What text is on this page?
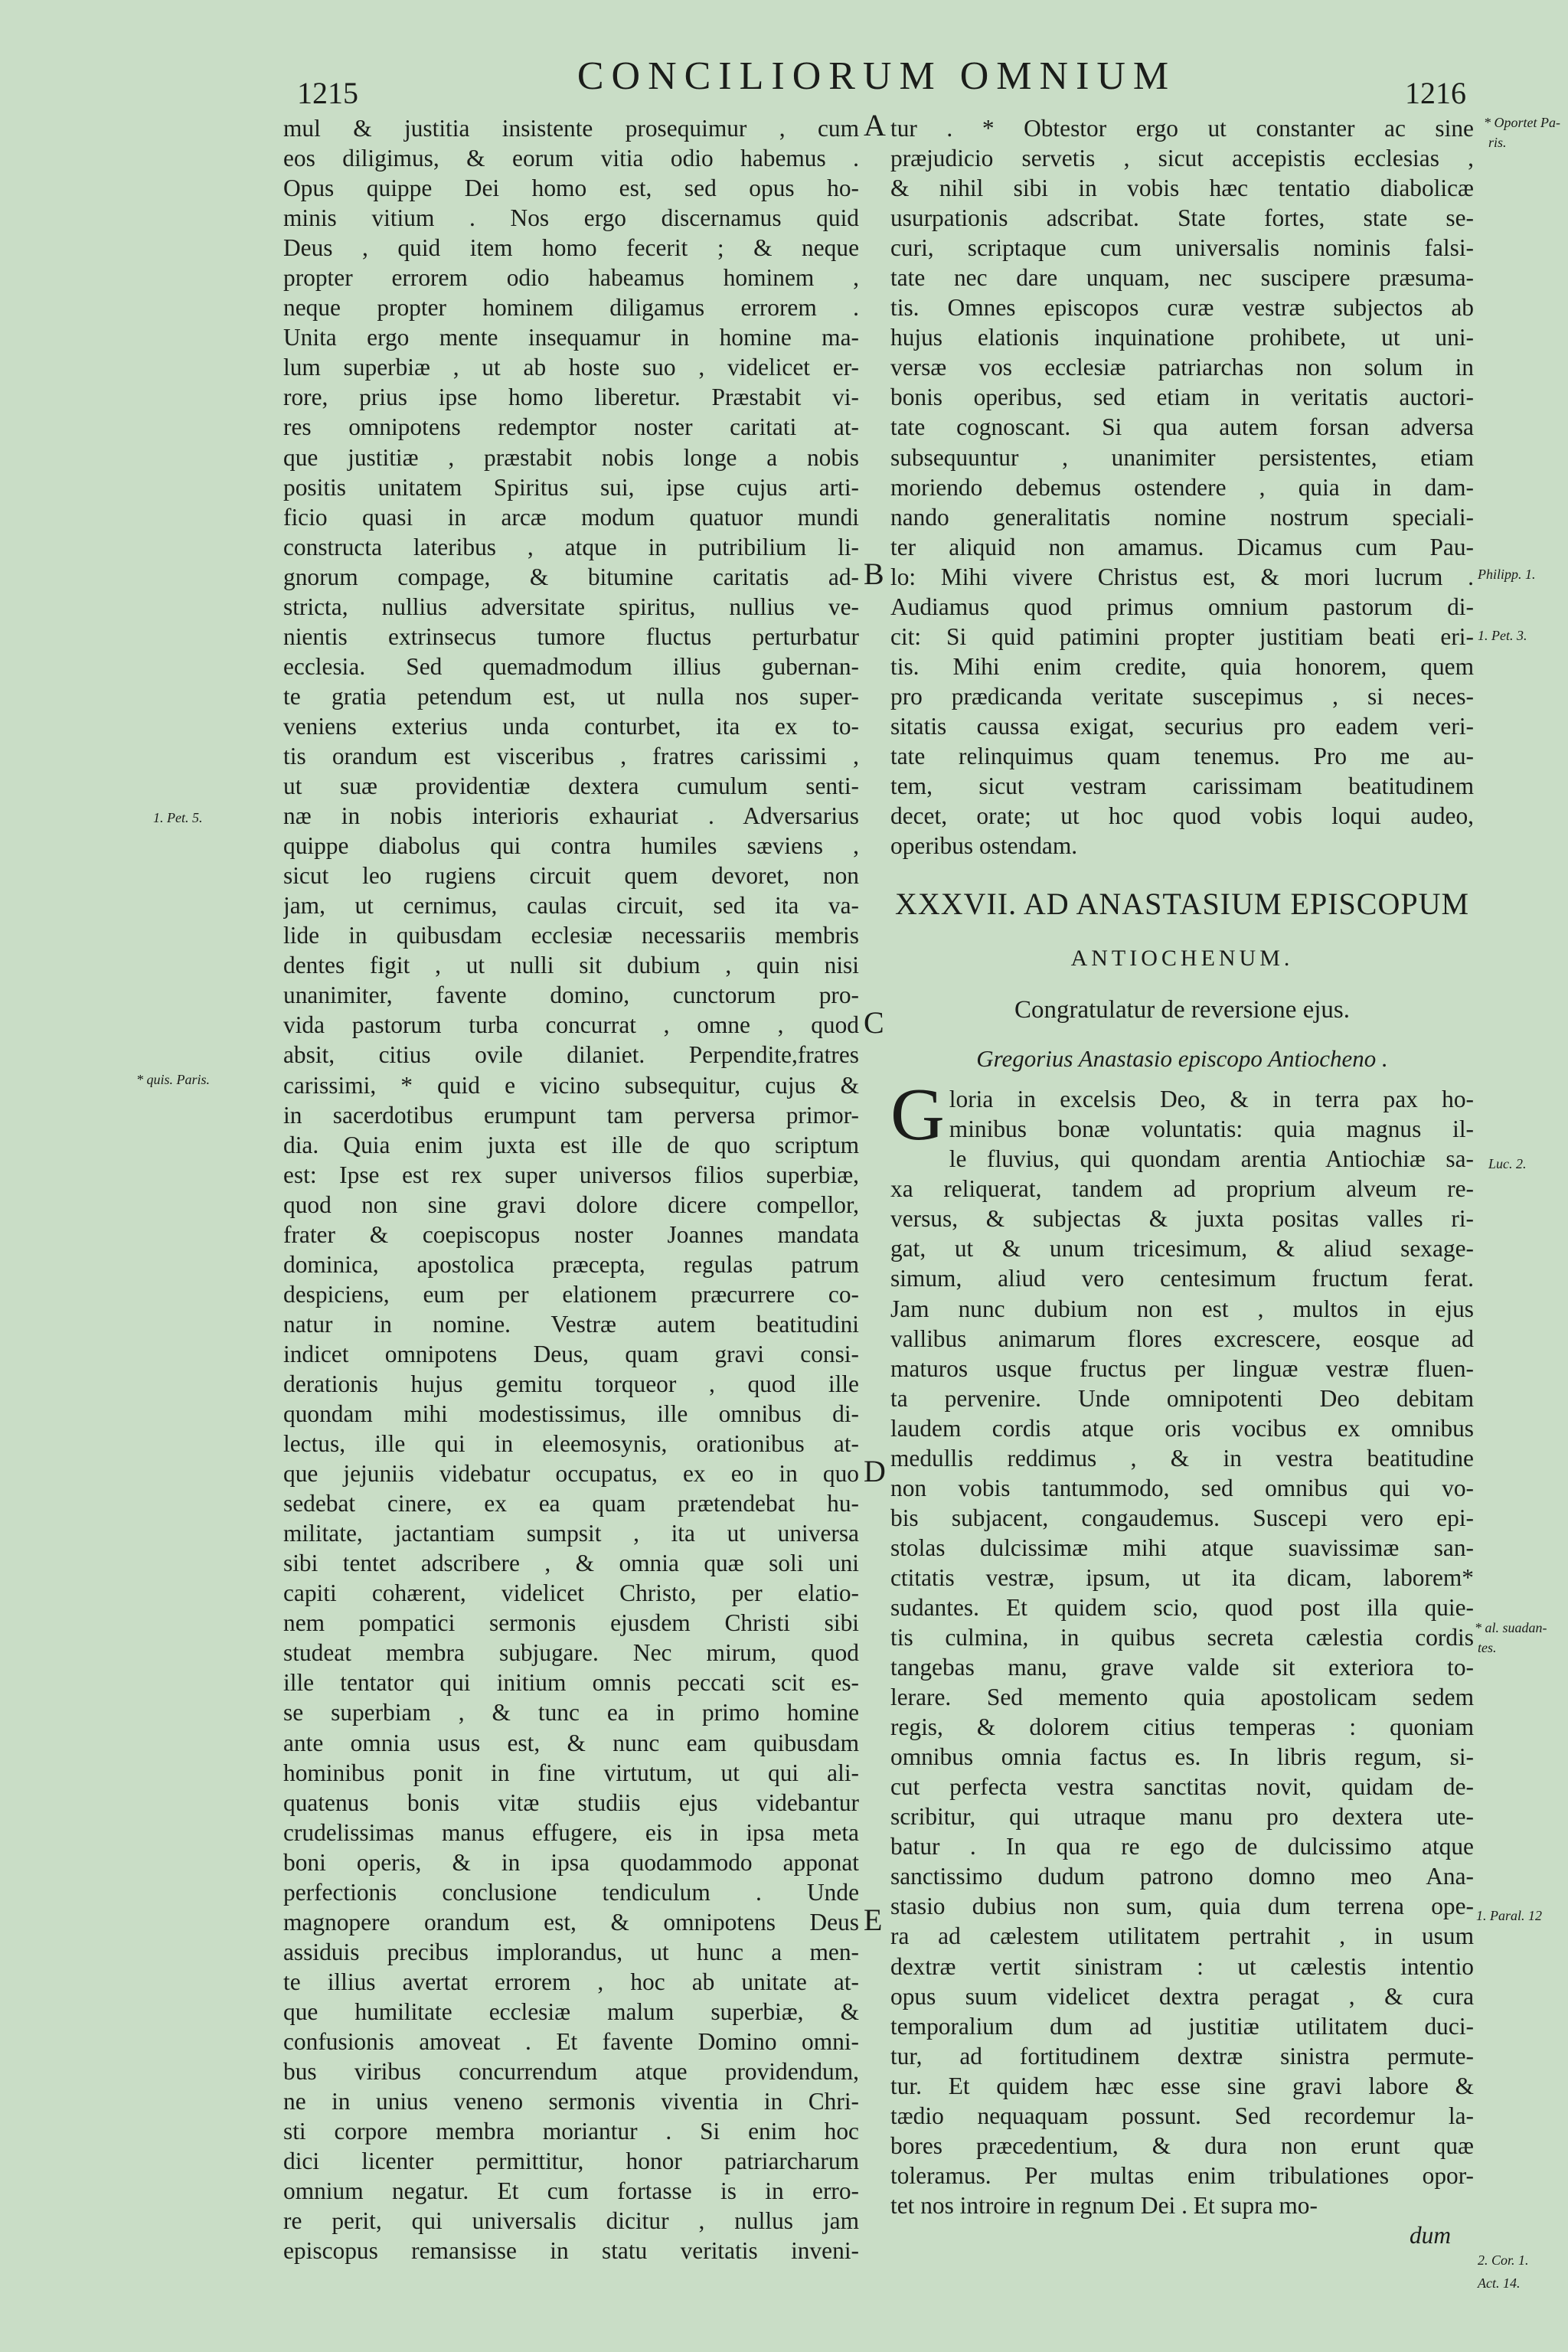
1215	CONCILIORUM OMNIUM	1216
mul & justitia insistente prosequimur , cum
eos diligimus, & eorum vitia odio habemus .
Opus quippe Dei homo est, sed opus ho-
minis vitium . Nos ergo discernamus quid
Deus , quid item homo fecerit ; & neque
propter errorem odio habeamus hominem ,
neque propter hominem diligamus errorem .
Unita ergo mente insequamur in homine ma-
lum superbiæ , ut ab hoste suo , videlicet er-
rore, prius ipse homo liberetur. Præstabit vi-
res omnipotens redemptor noster caritati at-
que justitiæ , præstabit nobis longe a nobis
positis unitatem Spiritus sui, ipse cujus arti-
ficio quasi in arcæ modum quatuor mundi
constructa lateribus , atque in putribilium li-
gnorum compage, & bitumine caritatis ad-
stricta, nullius adversitate spiritus, nullius ve-
nientis extrinsecus tumore fluctus perturbatur
ecclesia. Sed quemadmodum illius gubernan-
te gratia petendum est, ut nulla nos super-
veniens exterius unda conturbet, ita ex to-
tis orandum est visceribus , fratres carissimi ,
ut suæ providentiæ dextera cumulum senti-
næ in nobis interioris exhauriat . Adversarius
quippe diabolus qui contra humiles sæviens ,
sicut leo rugiens circuit quem devoret, non
jam, ut cernimus, caulas circuit, sed ita va-
lide in quibusdam ecclesiæ necessariis membris
dentes figit , ut nulli sit dubium , quin nisi
unanimiter, favente domino, cunctorum pro-
vida pastorum turba concurrat , omne , quod
absit, citius ovile dilaniet. Perpendite,fratres
carissimi, * quid e vicino subsequitur, cujus &
in sacerdotibus erumpunt tam perversa primor-
dia. Quia enim juxta est ille de quo scriptum
est: Ipse est rex super universos filios superbiæ,
quod non sine gravi dolore dicere compellor,
frater & coepiscopus noster Joannes mandata
dominica, apostolica præcepta, regulas patrum
despiciens, eum per elationem præcurrere co-
natur in nomine. Vestræ autem beatitudini
indicet omnipotens Deus, quam gravi consi-
derationis hujus gemitu torqueor , quod ille
quondam mihi modestissimus, ille omnibus di-
lectus, ille qui in eleemosynis, orationibus at-
que jejuniis videbatur occupatus, ex eo in quo
sedebat cinere, ex ea quam prætendebat hu-
militate, jactantiam sumpsit , ita ut universa
sibi tentet adscribere , & omnia quæ soli uni
capiti cohærent, videlicet Christo, per elatio-
nem pompatici sermonis ejusdem Christi sibi
studeat membra subjugare. Nec mirum, quod
ille tentator qui initium omnis peccati scit es-
se superbiam , & tunc ea in primo homine
ante omnia usus est, & nunc eam quibusdam
hominibus ponit in fine virtutum, ut qui ali-
quatenus bonis vitæ studiis ejus videbantur
crudelissimas manus effugere, eis in ipsa meta
boni operis, & in ipsa quodammodo apponat
perfectionis conclusione tendiculum . Unde
magnopere orandum est, & omnipotens Deus
assiduis precibus implorandus, ut hunc a men-
te illius avertat errorem , hoc ab unitate at-
que humilitate ecclesiæ malum superbiæ, &
confusionis amoveat . Et favente Domino omni-
bus viribus concurrendum atque providendum,
ne in unius veneno sermonis viventia in Chri-
sti corpore membra moriantur . Si enim hoc
dici licenter permittitur, honor patriarcharum
omnium negatur. Et cum fortasse is in erro-
re perit, qui universalis dicitur , nullus jam
episcopus remansisse in statu veritatis inveni-
tur . * Obtestor ergo ut constanter ac sine
præjudicio servetis , sicut accepistis ecclesias ,
& nihil sibi in vobis hæc tentatio diabolicæ
usurpationis adscribat. State fortes, state se-
curi, scriptaque cum universalis nominis falsi-
tate nec dare unquam, nec suscipere præsuma-
tis. Omnes episcopos curæ vestræ subjectos ab
hujus elationis inquinatione prohibete, ut uni-
versæ vos ecclesiæ patriarchas non solum in
bonis operibus, sed etiam in veritatis auctori-
tate cognoscant. Si qua autem forsan adversa
subsequuntur , unanimiter persistentes, etiam
moriendo debemus ostendere , quia in dam-
nando generalitatis nomine nostrum speciali-
ter aliquid non amamus. Dicamus cum Pau-
lo: Mihi vivere Christus est, & mori lucrum .
Audiamus quod primus omnium pastorum di-
cit: Si quid patimini propter justitiam beati eri-
tis. Mihi enim credite, quia honorem, quem
pro prædicanda veritate suscepimus , si neces-
sitatis caussa exigat, securius pro eadem veri-
tate relinquimus quam tenemus. Pro me au-
tem, sicut vestram carissimam beatitudinem
decet, orate; ut hoc quod vobis loqui audeo,
operibus ostendam.
XXXVII. AD ANASTASIUM EPISCOPUM
ANTIOCHENUM.
Congratulatur de reversione ejus.
Gregorius Anastasio episcopo Antiocheno .
G loria in excelsis Deo, & in terra pax ho-
minibus bonæ voluntatis: quia magnus il-
le fluvius, qui quondam arentia Antiochiæ sa-
xa reliquerat, tandem ad proprium alveum re-
versus, & subjectas & juxta positas valles ri-
gat, ut & unum tricesimum, & aliud sexage-
simum, aliud vero centesimum fructum ferat.
Jam nunc dubium non est , multos in ejus
vallibus animarum flores excrescere, eosque ad
maturos usque fructus per linguæ vestræ fluen-
ta pervenire. Unde omnipotenti Deo debitam
laudem cordis atque oris vocibus ex omnibus
medullis reddimus , & in vestra beatitudine
non vobis tantummodo, sed omnibus qui vo-
bis subjacent, congaudemus. Suscepi vero epi-
stolas dulcissimæ mihi atque suavissimæ san-
ctitatis vestræ, ipsum, ut ita dicam, laborem*
sudantes. Et quidem scio, quod post illa quie-
tis culmina, in quibus secreta cælestia cordis
tangebas manu, grave valde sit exteriora to-
lerare. Sed memento quia apostolicam sedem
regis, & dolorem citius temperas : quoniam
omnibus omnia factus es. In libris regum, si-
cut perfecta vestra sanctitas novit, quidam de-
scribitur, qui utraque manu pro dextera ute-
batur . In qua re ego de dulcissimo atque
sanctissimo dudum patrono domno meo Ana-
stasio dubius non sum, quia dum terrena ope-
ra ad cælestem utilitatem pertrahit , in usum
dextræ vertit sinistram : ut cælestis intentio
opus suum videlicet dextra peragat , & cura
temporalium dum ad justitiæ utilitatem duci-
tur, ad fortitudinem dextræ sinistra permute-
tur. Et quidem hæc esse sine gravi labore &
tædio nequaquam possunt. Sed recordemur la-
bores præcedentium, & dura non erunt quæ
toleramus. Per multas enim tribulationes opor-
tet nos introire in regnum Dei . Et supra mo-
dum
A
B
C
D
E
1. Pet. 5.
* quis. Paris.
* Oportet Pa-
ris.
Philipp. 1.
1. Pet. 3.
Luc. 2.
* al. suadan-
tes.
1. Paral. 12
2. Cor. 1.
Act. 14.
